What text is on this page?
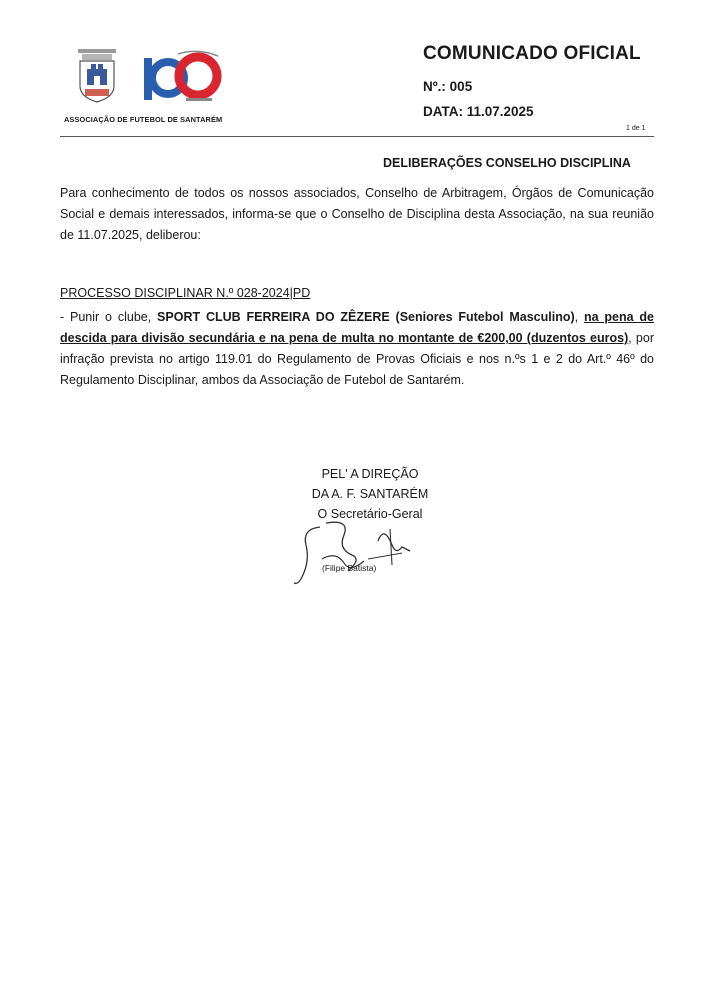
ASSOCIAÇÃO DE FUTEBOL DE SANTARÉM
COMUNICADO OFICIAL
Nº.: 005
DATA: 11.07.2025
1 de 1
DELIBERAÇÕES CONSELHO DISCIPLINA
Para conhecimento de todos os nossos associados, Conselho de Arbitragem, Órgãos de Comunicação Social e demais interessados, informa-se que o Conselho de Disciplina desta Associação, na sua reunião de 11.07.2025, deliberou:
PROCESSO DISCIPLINAR N.º 028-2024|PD
- Punir o clube, SPORT CLUB FERREIRA DO ZÊZERE (Seniores Futebol Masculino), na pena de descida para divisão secundária e na pena de multa no montante de €200,00 (duzentos euros), por infração prevista no artigo 119.01 do Regulamento de Provas Oficiais e nos n.ºs 1 e 2 do Art.º 46º do Regulamento Disciplinar, ambos da Associação de Futebol de Santarém.
PEL' A DIREÇÃO
DA A. F. SANTARÉM
O Secretário-Geral
(Filipe Batista)
